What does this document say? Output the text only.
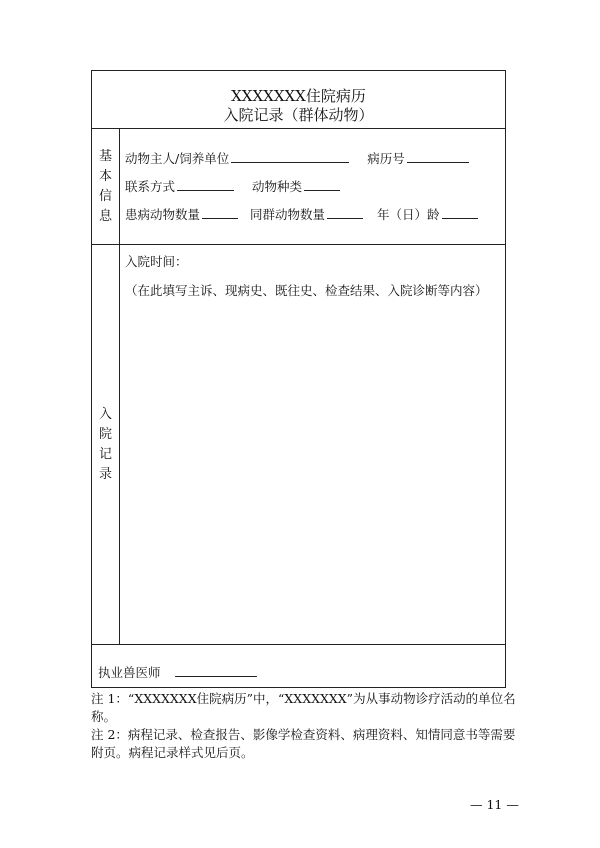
XXXXXXX住院病历
入院记录（群体动物）
基
本
信
息
动物主人/饲养单位	病历号
联系方式	动物种类
患病动物数量	同群动物数量	年（日）龄
入
院
记
录
入院时间：
（在此填写主诉、现病史、既往史、检查结果、入院诊断等内容）
执业兽医师

注 1：“XXXXXXX住院病历”中，“XXXXXXX”为从事动物诊疗活动的单位名称。

注 2：病程记录、检查报告、影像学检查资料、病理资料、知情同意书等需要附页。病程记录样式见后页。

— 11 —
